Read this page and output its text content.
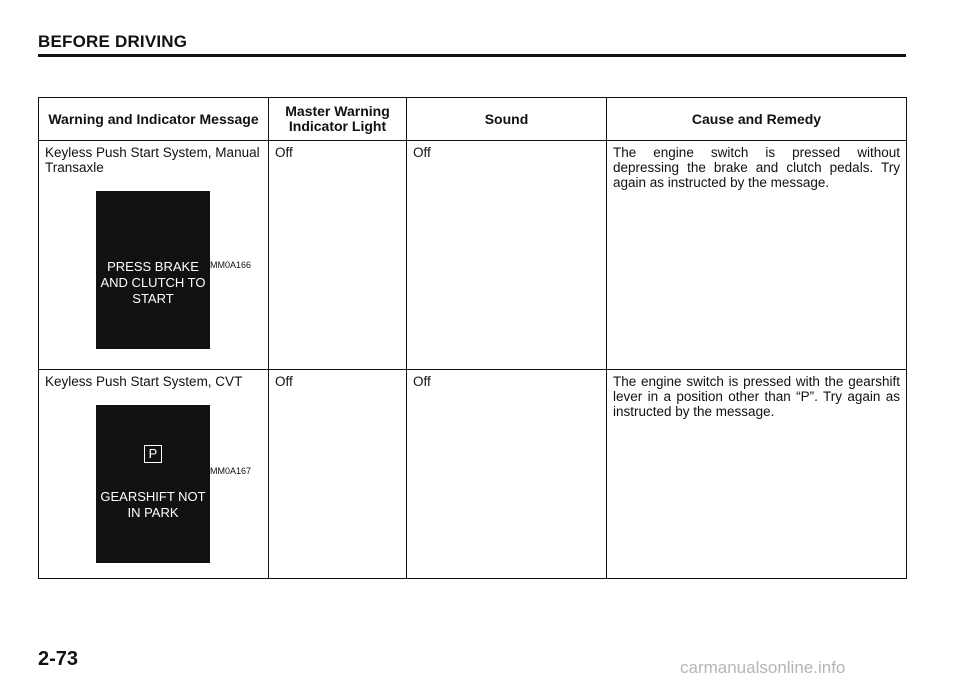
BEFORE DRIVING
Warning and Indicator Message	Master Warning Indicator Light	Sound	Cause and Remedy

Keyless Push Start System, Manual Transaxle
PRESS BRAKE AND CLUTCH TO START	Off	Off	The engine switch is pressed without depressing the brake and clutch pedals. Try again as instructed by the message.

Keyless Push Start System, CVT
P
GEARSHIFT NOT IN PARK	Off	Off	The engine switch is pressed with the gearshift lever in a position other than “P”. Try again as instructed by the message.
61MM0A166
61MM0A167
2-73	carmanualsonline.info
